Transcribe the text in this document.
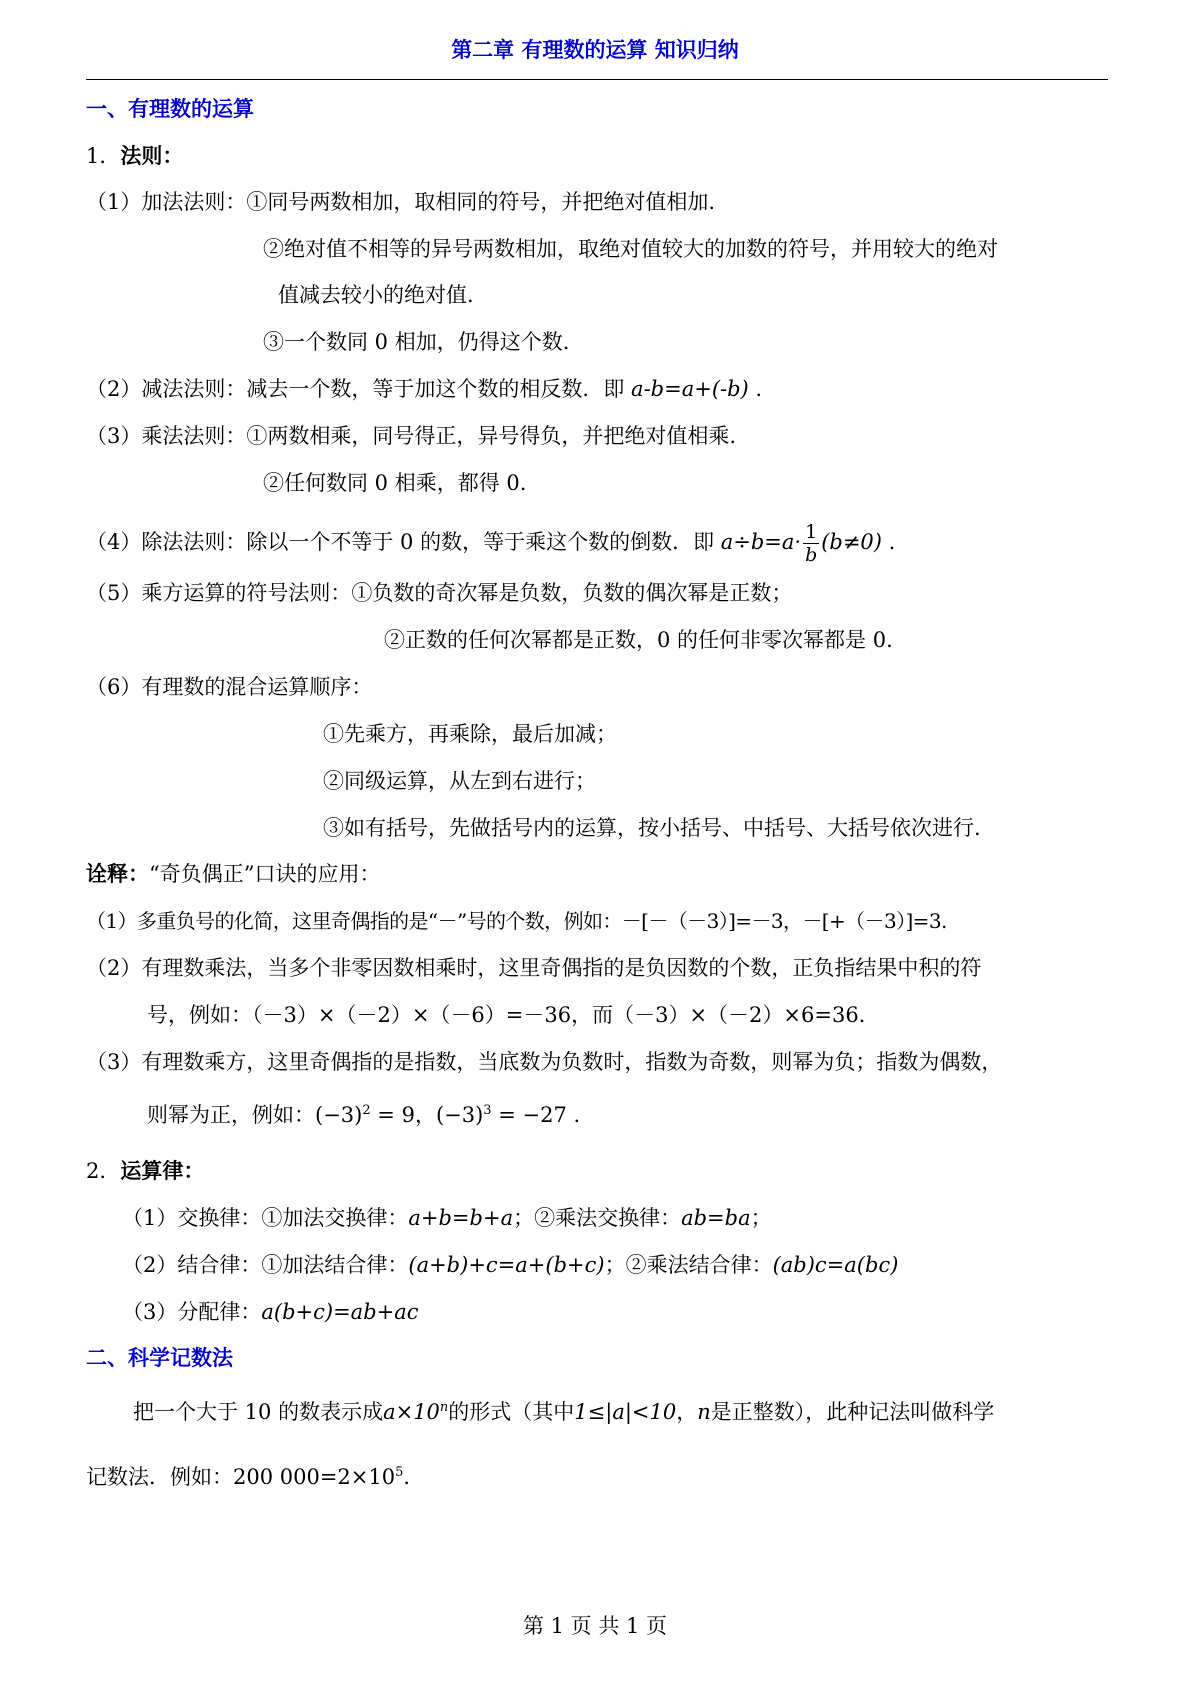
第二章 有理数的运算 知识归纳
一、有理数的运算
1．法则：
（1）加法法则：①同号两数相加，取相同的符号，并把绝对值相加.
②绝对值不相等的异号两数相加，取绝对值较大的加数的符号，并用较大的绝对
值减去较小的绝对值.
③一个数同 0 相加，仍得这个数.
（2）减法法则：减去一个数，等于加这个数的相反数．即 a-b=a+(-b) .
（3）乘法法则：①两数相乘，同号得正，异号得负，并把绝对值相乘.
②任何数同 0 相乘，都得 0.
（4）除法法则：除以一个不等于 0 的数，等于乘这个数的倒数．即 $a\div b=a\cdot \frac{1}{b} (b\ne 0)$ .
（5）乘方运算的符号法则：①负数的奇次幂是负数，负数的偶次幂是正数；
②正数的任何次幂都是正数，0 的任何非零次幂都是 0.
（6）有理数的混合运算顺序：
①先乘方，再乘除，最后加减；
②同级运算，从左到右进行；
③如有括号，先做括号内的运算，按小括号、中括号、大括号依次进行.
诠释：“奇负偶正”口诀的应用：
（1）多重负号的化简，这里奇偶指的是“－”号的个数，例如：－[－（－3）]=－3，－[+（－3）]=3.
（2）有理数乘法，当多个非零因数相乘时，这里奇偶指的是负因数的个数，正负指结果中积的符
号，例如：（－3）×（－2）×（－6）=－36，而（－3）×（－2）×6=36.
（3）有理数乘方，这里奇偶指的是指数，当底数为负数时，指数为奇数，则幂为负；指数为偶数，
则幂为正，例如：$(-3)^2 = 9$，$(-3)^3 = -27$ .
2．运算律：
（1）交换律：①加法交换律：a+b=b+a；②乘法交换律：ab=ba；
（2）结合律：①加法结合律：(a+b)+c=a+(b+c)；②乘法结合律：(ab)c=a(bc)
（3）分配律：a(b+c)=ab+ac
二、科学记数法
把一个大于 10 的数表示成$a\times 10^n$的形式（其中1≤|a|<10，n是正整数），此种记法叫做科学
记数法．例如：200 $000=2\times 10^5$．
第 1 页 共 1 页
